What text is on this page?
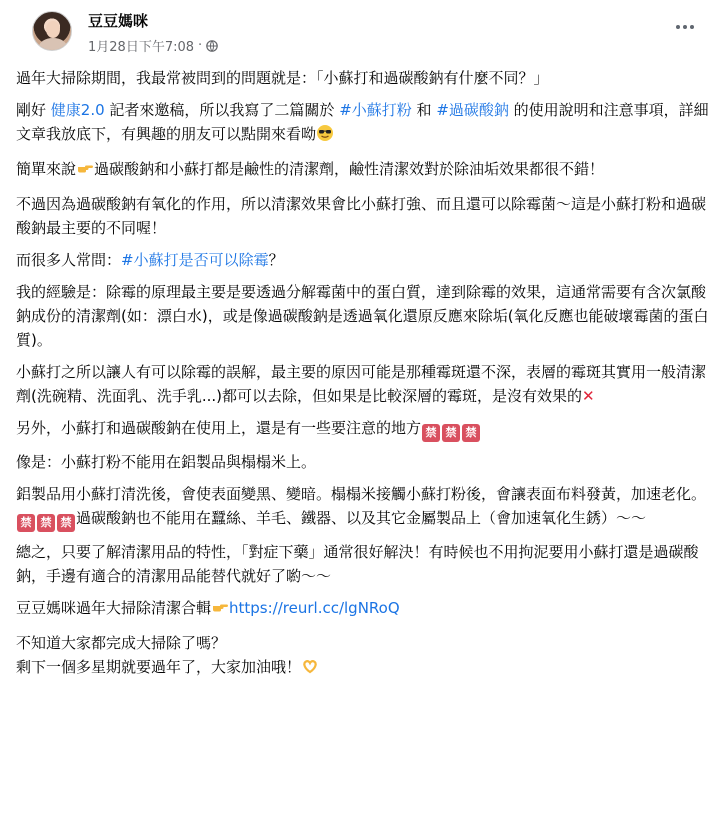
豆豆媽咪
1月28日下午7:08 ·

過年大掃除期間，我最常被問到的問題就是：「小蘇打和過碳酸鈉有什麼不同？」

剛好 健康2.0 記者來邀稿，所以我寫了二篇關於 #小蘇打粉 和 #過碳酸鈉 的使用說明和注意事項，詳細文章我放底下，有興趣的朋友可以點開來看呦

簡單來說 過碳酸鈉和小蘇打都是鹼性的清潔劑，鹼性清潔效對於除油垢效果都很不錯！

不過因為過碳酸鈉有氧化的作用，所以清潔效果會比小蘇打強、而且還可以除霉菌～這是小蘇打粉和過碳酸鈉最主要的不同喔！

而很多人常問：#小蘇打是否可以除霉？

我的經驗是：除霉的原理最主要是要透過分解霉菌中的蛋白質，達到除霉的效果，這通常需要有含次氯酸鈉成份的清潔劑(如：漂白水)，或是像過碳酸鈉是透過氧化還原反應來除垢(氧化反應也能破壞霉菌的蛋白質)。

小蘇打之所以讓人有可以除霉的誤解，最主要的原因可能是那種霉斑還不深，表層的霉斑其實用一般清潔劑(洗碗精、洗面乳、洗手乳...)都可以去除，但如果是比較深層的霉斑，是沒有效果的✕

另外，小蘇打和過碳酸鈉在使用上，還是有一些要注意的地方 禁 禁 禁

像是：小蘇打粉不能用在鋁製品與榻榻米上。

鋁製品用小蘇打清洗後，會使表面變黑、變暗。榻榻米接觸小蘇打粉後，會讓表面布料發黃，加速老化。
禁 禁 禁 過碳酸鈉也不能用在蠶絲、羊毛、鐵器、以及其它金屬製品上（會加速氧化生銹）～～

總之，只要了解清潔用品的特性，「對症下藥」通常很好解決！有時候也不用拘泥要用小蘇打還是過碳酸鈉，手邊有適合的清潔用品能替代就好了喲～～

豆豆媽咪過年大掃除清潔合輯 https://reurl.cc/lgNRoQ

不知道大家都完成大掃除了嗎？
剩下一個多星期就要過年了，大家加油哦！
